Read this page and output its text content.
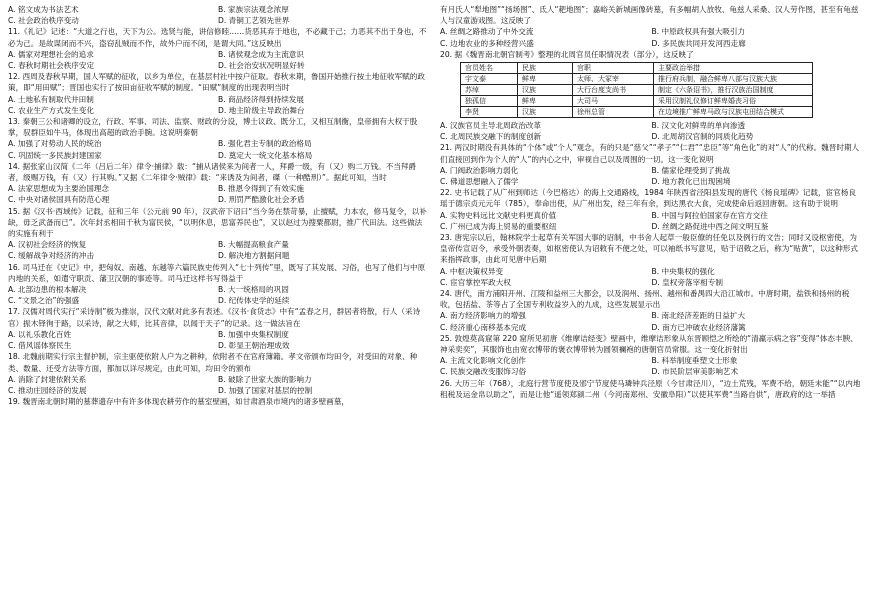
A. 铭文成为书法艺术	B. 家族宗法观念浓厚

C. 社会政治秩序变动	D. 青铜工艺领先世界

11.《礼记》记述：“大道之行也，天下为公。选贤与能，讲信修睦……货恶其弃于地也，不必藏于己；力恶其不出于身也，不必为己。是故谋闭而不兴，盗窃乱贼而不作，故外户而不闭，是谓大同。”这反映出

A. 儒家对理想社会的追求	B. 诸侯观念成为主流意识

C. 春秋时期社会秩序安定	D. 社会治安状况明显好转

12. 西周及春秋早期，国人军赋的征收，以乡为单位，在基层村社中按户征取。春秋末期，鲁国开始推行按土地征收军赋的政策，即“用田赋”；晋国也实行了按田亩征收军赋的制度。“田赋”制度的出现表明当时

A. 土地私有制取代井田制	B. 商品经济得到持续发展

C. 农业生产方式发生变化	D. 地主阶级主导政治舞台

13. 秦朝三公和诸卿的设立，行政、军事、司法、监察、财政的分设，博士议政、既分工，又相互制衡，皇帝拥有大权于股掌，驭群臣如牛马，体现出高超的政治手腕。这说明秦朝

A. 加强了对势动人民的统治	B. 强化君主专制的政治格局

C. 巩固统一多民族封建国家	D. 奠定大一统文化基本格局

14. 据张家山汉简《二年（吕后二年）律令·捕律》载：“捕从诸侯来为间者一人，拜爵一级，有（又）购二万钱。不当拜爵者，级赐万钱，有（又）行其购。”又据《二年律令·贼律》载：“来诱及为间者，磔（一种酷刑）”。据此可知，当时

A. 法家思想成为主要治国理念	B. 推恩令得到了有效实施

C. 中央对诸侯国具有防范心理	D. 刑罚严酷激化社会矛盾

15. 据《汉书·西域传》记载，征和三年（公元前 90 年），汉武帝下诏曰“当今务在禁苛暴，止擅赋，力本农，修马复令，以补缺，毋乏武备而已”。次年封丞相田千秋为富民侯，“以明休息，思富养民也”，又以赵过为搜粟都尉，推广代田法。这些做法的实施有利于

A. 汉初社会经济的恢复	B. 大幅提高粮食产量

C. 缓解战争对经济的冲击	D. 解决地方割据问题

16. 司马迁在《史记》中，把匈奴、南越、东越等六篇民族史传列入“七十列传”里，既写了其发展、习俗，也写了他们与中原内地的关系，如遣守职贡、藩卫汉朝的事迹等。司马迁这样书写得益于

A. 北部边患的根本解决	B. 大一统格局的巩固

C. “文景之治”的强盛	D. 纪传体史学的延续

17. 汉儒对周代实行“采诗制”极为推崇，汉代文献对此多有表述。《汉书·食货志》中有“孟春之月，群居者将散，行人（采诗官）振木铎徇于路，以采诗，献之大师，比其音律，以闻于天子”的记录。这一做法旨在

A. 以礼乐教化百姓	B. 加强中央集权制度

C. 借风谣体察民生	D. 彰显王朝治理成效

18. 北魏前期实行宗主督护制，宗主驱使依附人户为之耕种，依附者不在官府簿籍。孝文帝颁布均田令，对受田的对象、种类、数量、还受方法等方面，都加以详尽规定，由此可知，均田令的颁布

A. 消除了封建依附关系	B. 破除了世家大族的影响力

C. 推动庄园经济的发展	D. 加强了国家对基层的控制

19. 魏晋南北朝时期的墓葬遗存中有许多体现农耕劳作的墓室壁画，如甘肃酒泉市境内的诸多壁画墓，

有月氏人“犁地图”“扬场图”、氐人“耙地图”；嘉峪关新城画像砖墓，有多幅胡人放牧、龟兹人采桑、汉人劳作图，甚至有龟兹人与汉童游戏图。这反映了

A. 丝绸之路推动了中外交流	B. 中原政权具有强大吸引力

C. 边地农业的多种经营兴盛	D. 多民族共同开发河西走廊

20. 据《魏晋南北朝官制考》整理的北周官员任职情况表（部分），这反映了

官员姓名	民族	官职	主要政治举措
宇文泰	鲜卑	太师、大冢宰	推行府兵制，融合鲜卑八部与汉族大族
苏绰	汉族	大行台度支尚书	制定《六条诏书》，推行汉族治国制度
独孤信	鲜卑	大司马	采用汉制礼仪修订鲜卑婚丧习俗
李贤	汉族	徐州总管	在边境推广鲜卑马政与汉族屯田结合模式

A. 汉族官员主导北周政治改革	B. 汉文化对鲜卑的单向渗透

C. 北周民族交融下的制度创新	D. 北周胡汉官制的同质化趋势

21. 两汉时期没有具体的“个体”或“个人”观念，有的只是“慈父”“孝子”“仁君”“忠臣”等“角色化”的对“人”的代称。魏晋时期人们直接回到作为个人的“人”的内心之中，审视自己以及周围的一切。这一变化说明

A. 门阀政治影响力弱化	B. 儒家伦理受到了挑战

C. 佛道思想融入了儒学	D. 地方教化已出现困境

22. 史书记载了从广州到师达（今巴格达）的海上交通路线，1984 年陕西省泾阳县发现的唐代《杨良瑶碑》记载，宦官杨良瑶于德宗贞元元年（785），奉命出使，从广州出发，经三年有余，到达黑衣大食，完成使命后返回唐朝。这有助于说明

A. 实物史料远比文献史料更真价值	B. 中国与阿拉伯国家存在官方交往

C. 广州已成为海上贸易的重要枢纽	D. 丝绸之路促进中西之间文明互鉴

23. 唐宪宗以后，翰林院学士起草有关军国大事的诏制，中书舍人起草一般臣僚的任免以及例行的文告；同时又设枢密使，为皇帝传宣诏令，承受外朝表奏，如枢密使认为诏敕有不便之处，可以袖纸书写意见，贴于诏敕之后，称为“贴黄”，以这种形式来指挥政事，由此可见唐中后期

A. 中枢决策权异变	B. 中央集权的强化

C. 宦官掌控军政大权	D. 皇权旁落宰相专制

24. 唐代，南方浦阳开州、江陵和益州三大都会，以及润州、扬州、越州和番禺四大沿江城市。中唐时期，盐铁和扬州的税收，包括盐、茶等占了全国专利收益岁入的九成，这些发展显示出

A. 南方经济影响力的增强	B. 南北经济差距的日益扩大

C. 经济重心南移基本完成	D. 南方已冲破农业经济藩篱

25. 敦煌莫高窟第 220 窟所见初唐《维摩诘经变》壁画中，维摩诘形象从东晋顾恺之所绘的“清羸示病之容”变得“体态丰腴、神采奕奕”，其服饰也由宽衣博带的褒衣博带转为圆领襕袍的唐朝官员常服。这一变化折射出

A. 主流文化影响文化创作	B. 科举制度垂塑文士形象

C. 民族交融改变服饰习俗	D. 市民阶层审美影响艺术

26. 大历三年（768），北庭行营节度使及邠宁节度使马璘钟兵泾原（今甘肃泾川），“边土荒残，军费不给，朝廷未能”“以内地租税及运金帛以助之”，而是让他“遥领郑颍二州（今河南郑州、安徽阜阳）”以使其军费“当路自供”，唐政府的这一举措
